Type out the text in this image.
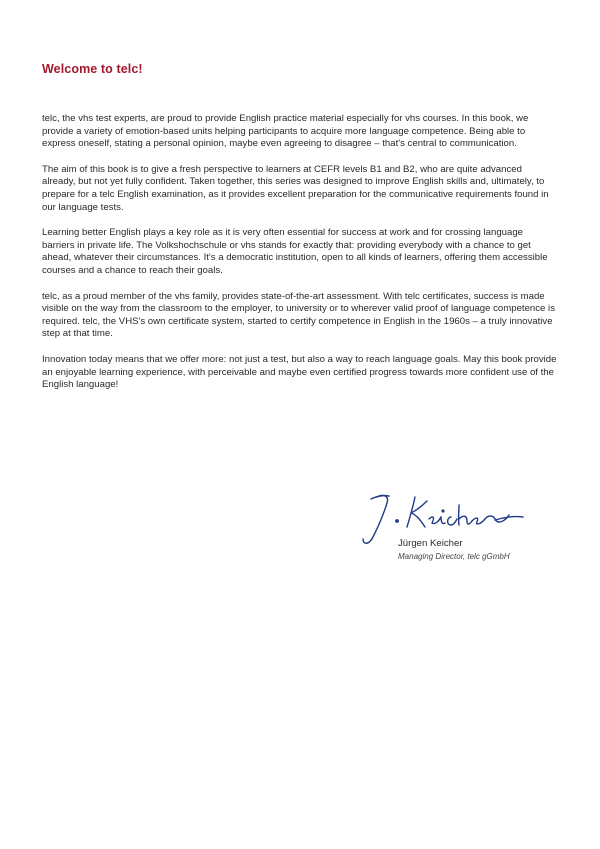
Welcome to telc!

telc, the vhs test experts, are proud to provide English practice material especially for vhs courses. In this book, we provide a variety of emotion-based units helping participants to acquire more language competence. Being able to express oneself, stating a personal opinion, maybe even agreeing to disagree – that's central to communication.

The aim of this book is to give a fresh perspective to learners at CEFR levels B1 and B2, who are quite advanced already, but not yet fully confident. Taken together, this series was designed to improve English skills and, ultimately, to prepare for a telc English examination, as it provides excellent preparation for the communicative requirements found in our language tests.

Learning better English plays a key role as it is very often essential for success at work and for crossing language barriers in private life. The Volkshochschule or vhs stands for exactly that: providing everybody with a chance to get ahead, whatever their circumstances. It's a democratic institution, open to all kinds of learners, offering them accessible courses and a chance to reach their goals.

telc, as a proud member of the vhs family, provides state-of-the-art assessment. With telc certificates, success is made visible on the way from the classroom to the employer, to university or to wherever valid proof of language competence is required. telc, the VHS's own certificate system, started to certify competence in English in the 1960s – a truly innovative step at that time.

Innovation today means that we offer more: not just a test, but also a way to reach language goals. May this book provide an enjoyable learning experience, with perceivable and maybe even certified progress towards more confident use of the English language!

Jürgen Keicher

Managing Director, telc gGmbH
